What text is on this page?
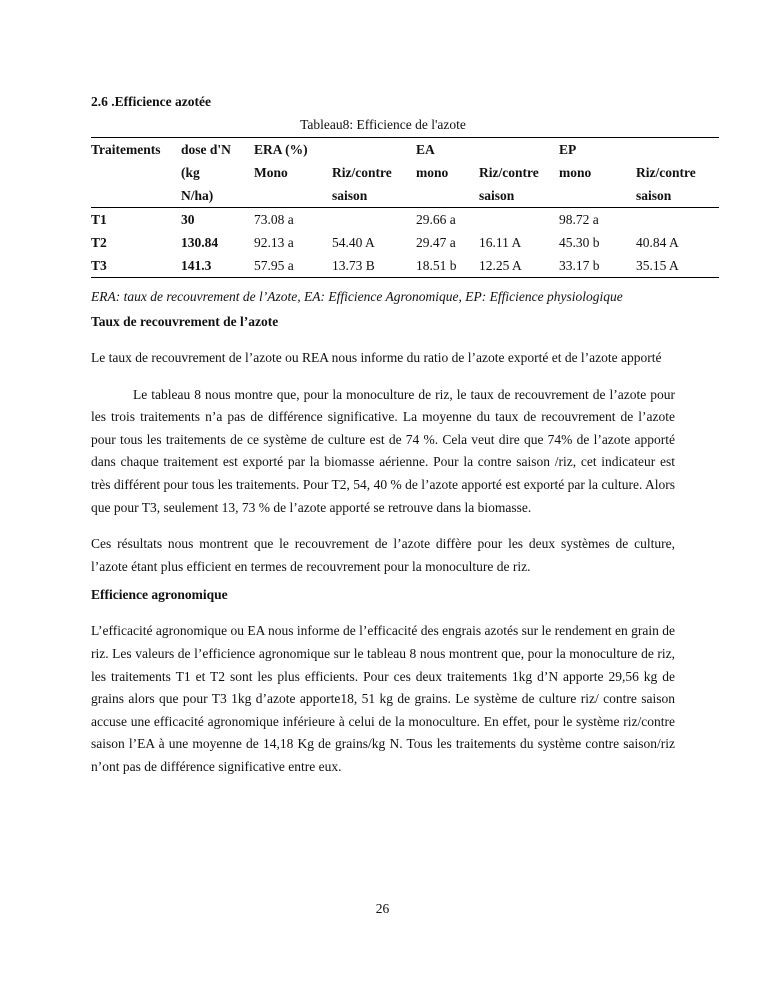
2.6 .Efficience azotée
Tableau8: Efficience de l'azote
Traitements	dose d'N	ERA (%)		EA		EP	
	(kg	Mono	Riz/contre	mono	Riz/contre	mono	Riz/contre
	N/ha)		saison		saison		saison
T1	30	73.08 a		29.66 a		98.72 a	
T2	130.84	92.13 a	54.40 A	29.47 a	16.11 A	45.30 b	40.84 A
T3	141.3	57.95 a	13.73 B	18.51 b	12.25 A	33.17 b	35.15 A
ERA: taux de recouvrement de l’Azote, EA: Efficience Agronomique, EP: Efficience physiologique
Taux de recouvrement de l’azote

Le taux de recouvrement de l’azote ou REA nous informe du ratio de l’azote exporté et de l’azote apporté

Le tableau 8 nous montre que, pour la monoculture de riz, le taux de recouvrement de l’azote pour les trois traitements n’a pas de différence significative. La moyenne du taux de recouvrement de l’azote pour tous les traitements de ce système de culture est de 74 %. Cela veut dire que 74% de l’azote apporté dans chaque traitement est exporté par la biomasse aérienne. Pour la contre saison /riz, cet indicateur est très différent pour tous les traitements. Pour T2, 54, 40 % de l’azote apporté est exporté par la culture. Alors que pour T3, seulement 13, 73 % de l’azote apporté se retrouve dans la biomasse.

Ces résultats nous montrent que le recouvrement de l’azote diffère pour les deux systèmes de culture, l’azote étant plus efficient en termes de recouvrement pour la monoculture de riz.

Efficience agronomique

L’efficacité agronomique ou EA nous informe de l’efficacité des engrais azotés sur le rendement en grain de riz. Les valeurs de l’efficience agronomique sur le tableau 8 nous montrent que, pour la monoculture de riz, les traitements T1 et T2 sont les plus efficients. Pour ces deux traitements 1kg d’N apporte 29,56 kg de grains alors que pour T3 1kg d’azote apporte18, 51 kg de grains. Le système de culture riz/ contre saison accuse une efficacité agronomique inférieure à celui de la monoculture. En effet, pour le système riz/contre saison l’EA à une moyenne de 14,18 Kg de grains/kg N. Tous les traitements du système contre saison/riz n’ont pas de différence significative entre eux.

26
